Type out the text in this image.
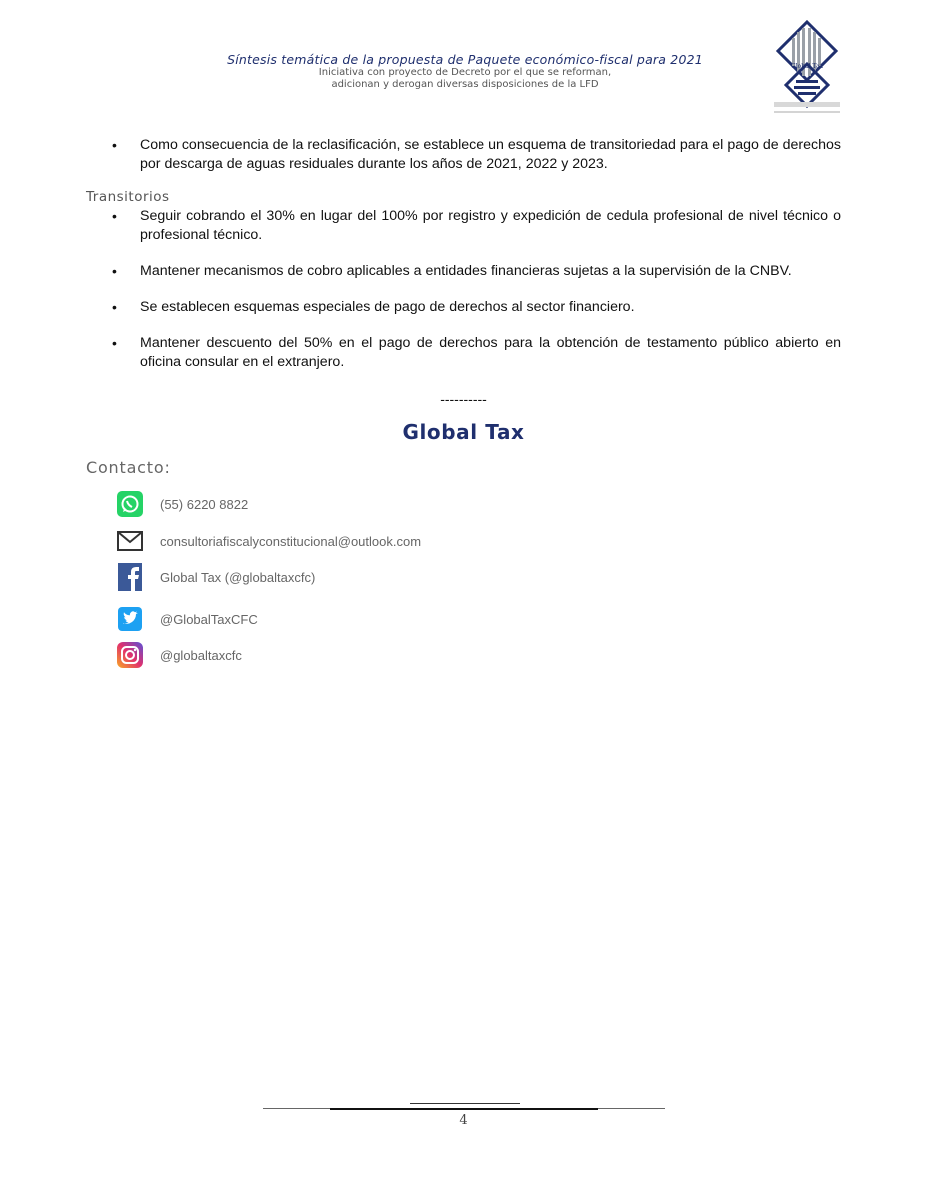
Síntesis temática de la propuesta de Paquete económico-fiscal para 2021
Iniciativa con proyecto de Decreto por el que se reforman,
adicionan y derogan diversas disposiciones de la LFD
Global Tax
• Como consecuencia de la reclasificación, se establece un esquema de transitoriedad para el pago de derechos por descarga de aguas residuales durante los años de 2021, 2022 y 2023.
Transitorios
• Seguir cobrando el 30% en lugar del 100% por registro y expedición de cedula profesional de nivel técnico o profesional técnico.
• Mantener mecanismos de cobro aplicables a entidades financieras sujetas a la supervisión de la CNBV.
• Se establecen esquemas especiales de pago de derechos al sector financiero.
• Mantener descuento del 50% en el pago de derechos para la obtención de testamento público abierto en oficina consular en el extranjero.
----------
Global Tax
Contacto:
(55) 6220 8822
consultoriafiscalyconstitucional@outlook.com
Global Tax (@globaltaxcfc)
@GlobalTaxCFC
@globaltaxcfc
4
